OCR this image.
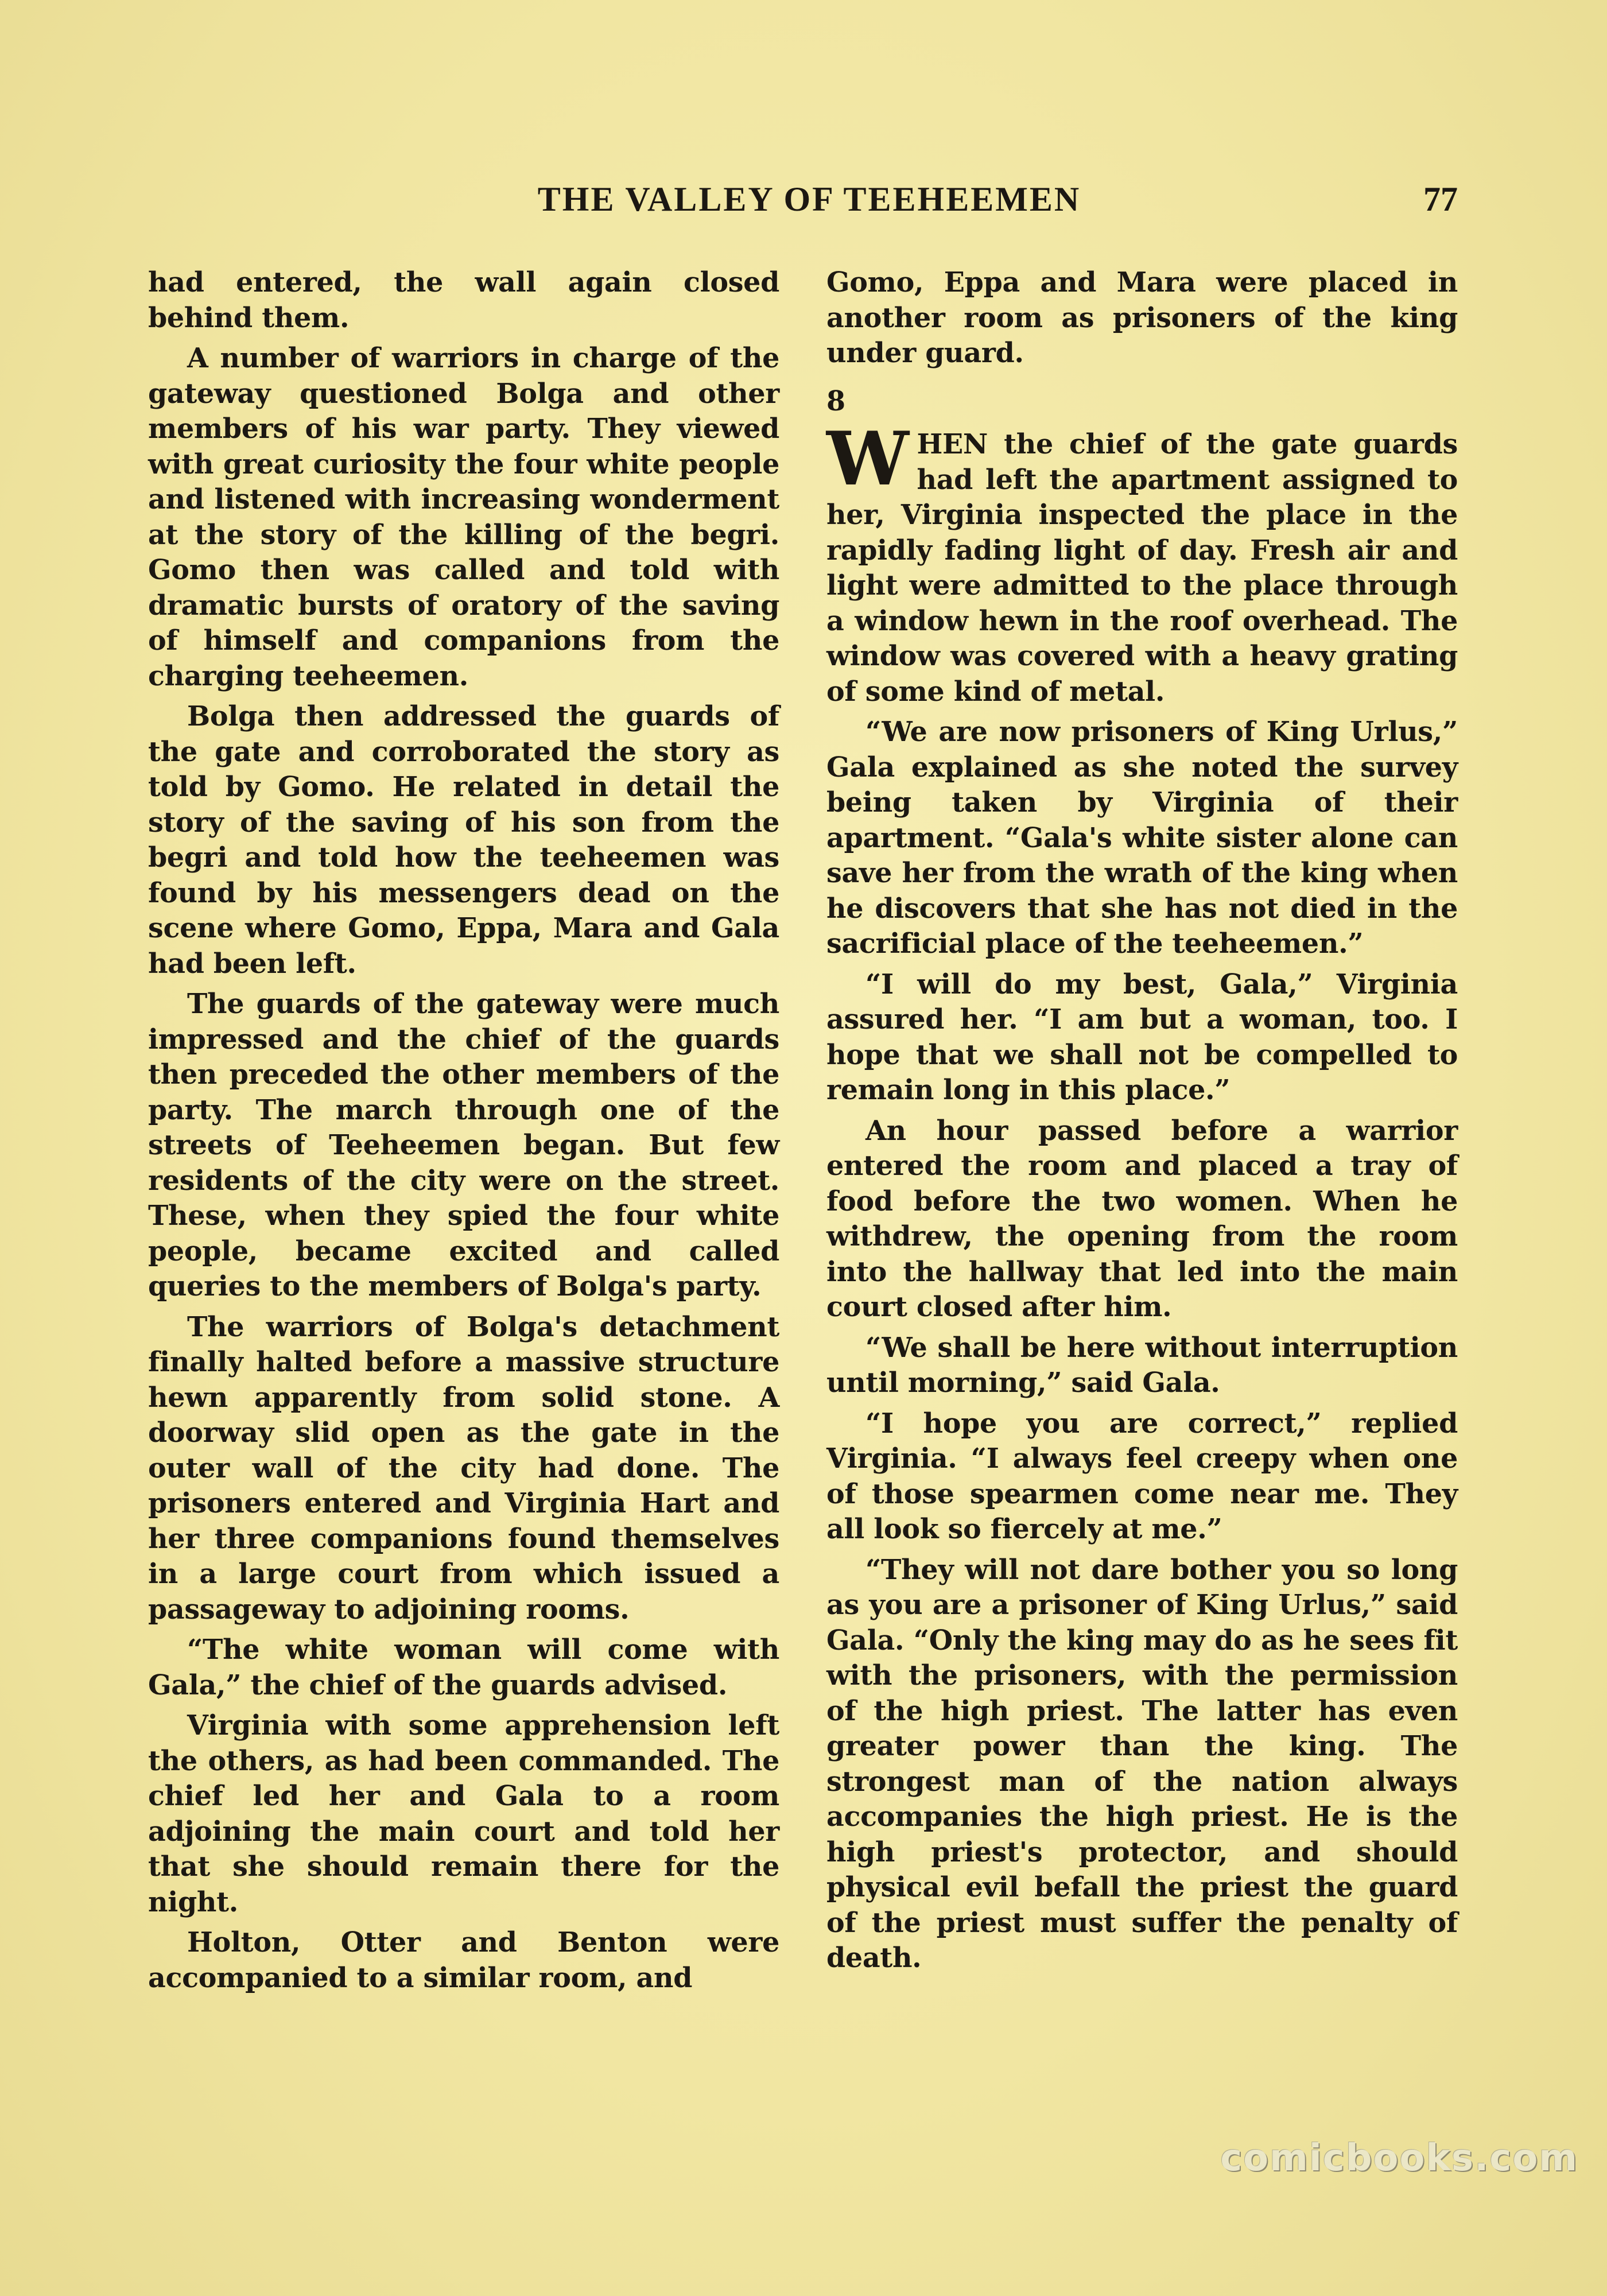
THE VALLEY OF TEEHEEMEN	77

had entered, the wall again closed behind them.

A number of warriors in charge of the gateway questioned Bolga and other members of his war party. They viewed with great curiosity the four white people and listened with increasing wonderment at the story of the killing of the begri. Gomo then was called and told with dramatic bursts of oratory of the saving of himself and companions from the charging teeheemen.

Bolga then addressed the guards of the gate and corroborated the story as told by Gomo. He related in detail the story of the saving of his son from the begri and told how the teeheemen was found by his messengers dead on the scene where Gomo, Eppa, Mara and Gala had been left.

The guards of the gateway were much impressed and the chief of the guards then preceded the other members of the party. The march through one of the streets of Teeheemen began. But few residents of the city were on the street. These, when they spied the four white people, became excited and called queries to the members of Bolga's party.

The warriors of Bolga's detachment finally halted before a massive structure hewn apparently from solid stone. A doorway slid open as the gate in the outer wall of the city had done. The prisoners entered and Virginia Hart and her three companions found themselves in a large court from which issued a passageway to adjoining rooms.

“The white woman will come with Gala,” the chief of the guards advised.

Virginia with some apprehension left the others, as had been commanded. The chief led her and Gala to a room adjoining the main court and told her that she should remain there for the night.

Holton, Otter and Benton were accompanied to a similar room, and

Gomo, Eppa and Mara were placed in another room as prisoners of the king under guard.

8

WHEN the chief of the gate guards had left the apartment assigned to her, Virginia inspected the place in the rapidly fading light of day. Fresh air and light were admitted to the place through a window hewn in the roof overhead. The window was covered with a heavy grating of some kind of metal.

“We are now prisoners of King Urlus,” Gala explained as she noted the survey being taken by Virginia of their apartment. “Gala's white sister alone can save her from the wrath of the king when he discovers that she has not died in the sacrificial place of the teeheemen.”

“I will do my best, Gala,” Virginia assured her. “I am but a woman, too. I hope that we shall not be compelled to remain long in this place.”

An hour passed before a warrior entered the room and placed a tray of food before the two women. When he withdrew, the opening from the room into the hallway that led into the main court closed after him.

“We shall be here without interruption until morning,” said Gala.

“I hope you are correct,” replied Virginia. “I always feel creepy when one of those spearmen come near me. They all look so fiercely at me.”

“They will not dare bother you so long as you are a prisoner of King Urlus,” said Gala. “Only the king may do as he sees fit with the prisoners, with the permission of the high priest. The latter has even greater power than the king. The strongest man of the nation always accompanies the high priest. He is the high priest's protector, and should physical evil befall the priest the guard of the priest must suffer the penalty of death.

comicbooks.com
